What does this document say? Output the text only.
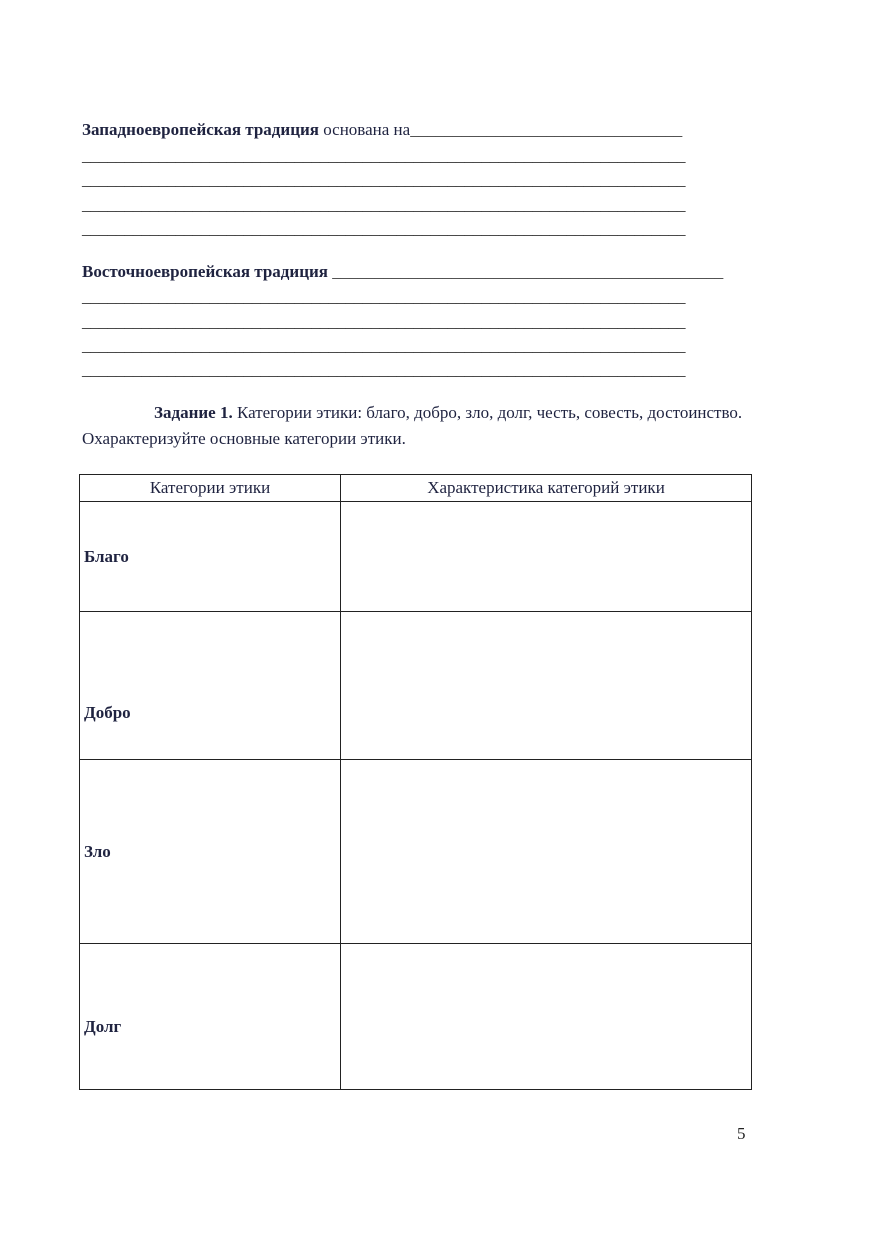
Западноевропейская традиция основана на________________________________
_______________________________________________________________________
_______________________________________________________________________
_______________________________________________________________________
_______________________________________________________________________
Восточноевропейская традиция ______________________________________________
_______________________________________________________________________
_______________________________________________________________________
_______________________________________________________________________
_______________________________________________________________________
Задание 1. Категории этики: благо, добро, зло, долг, честь, совесть, достоинство. Охарактеризуйте основные категории этики.
Категории этики	Характеристика категорий этики
Благо	
Добро	
Зло	
Долг	
5
